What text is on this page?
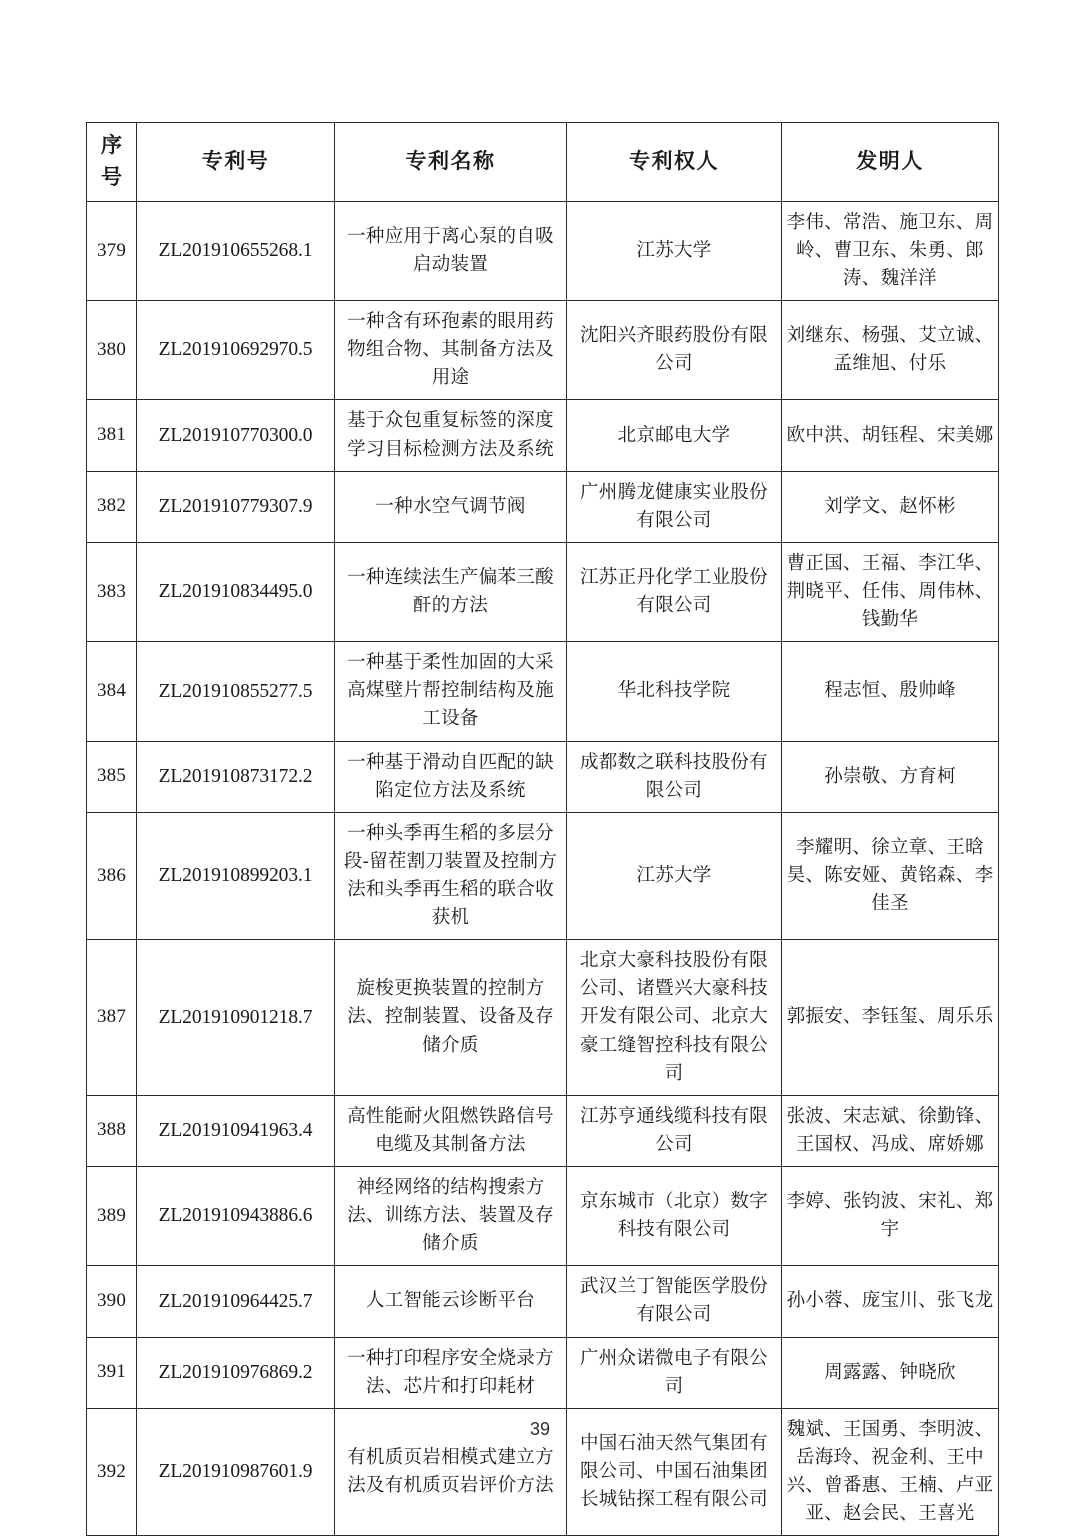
序号	专利号	专利名称	专利权人	发明人
379	ZL201910655268.1	一种应用于离心泵的自吸启动装置	江苏大学	李伟、常浩、施卫东、周岭、曹卫东、朱勇、郎涛、魏洋洋
380	ZL201910692970.5	一种含有环孢素的眼用药物组合物、其制备方法及用途	沈阳兴齐眼药股份有限公司	刘继东、杨强、艾立诚、孟维旭、付乐
381	ZL201910770300.0	基于众包重复标签的深度学习目标检测方法及系统	北京邮电大学	欧中洪、胡钰程、宋美娜
382	ZL201910779307.9	一种水空气调节阀	广州腾龙健康实业股份有限公司	刘学文、赵怀彬
383	ZL201910834495.0	一种连续法生产偏苯三酸酐的方法	江苏正丹化学工业股份有限公司	曹正国、王福、李江华、荆晓平、任伟、周伟林、钱勤华
384	ZL201910855277.5	一种基于柔性加固的大采高煤壁片帮控制结构及施工设备	华北科技学院	程志恒、殷帅峰
385	ZL201910873172.2	一种基于滑动自匹配的缺陷定位方法及系统	成都数之联科技股份有限公司	孙崇敬、方育柯
386	ZL201910899203.1	一种头季再生稻的多层分段-留茬割刀装置及控制方法和头季再生稻的联合收获机	江苏大学	李耀明、徐立章、王晗昊、陈安娅、黄铭森、李佳圣
387	ZL201910901218.7	旋梭更换装置的控制方法、控制装置、设备及存储介质	北京大豪科技股份有限公司、诸暨兴大豪科技开发有限公司、北京大豪工缝智控科技有限公司	郭振安、李钰玺、周乐乐
388	ZL201910941963.4	高性能耐火阻燃铁路信号电缆及其制备方法	江苏亨通线缆科技有限公司	张波、宋志斌、徐勤锋、王国权、冯成、席娇娜
389	ZL201910943886.6	神经网络的结构搜索方法、训练方法、装置及存储介质	京东城市（北京）数字科技有限公司	李婷、张钧波、宋礼、郑宇
390	ZL201910964425.7	人工智能云诊断平台	武汉兰丁智能医学股份有限公司	孙小蓉、庞宝川、张飞龙
391	ZL201910976869.2	一种打印程序安全烧录方法、芯片和打印耗材	广州众诺微电子有限公司	周露露、钟晓欣
392	ZL201910987601.9	有机质页岩相模式建立方法及有机质页岩评价方法	中国石油天然气集团有限公司、中国石油集团长城钻探工程有限公司	魏斌、王国勇、李明波、岳海玲、祝金利、王中兴、曾番惠、王楠、卢亚亚、赵会民、王喜光
39
